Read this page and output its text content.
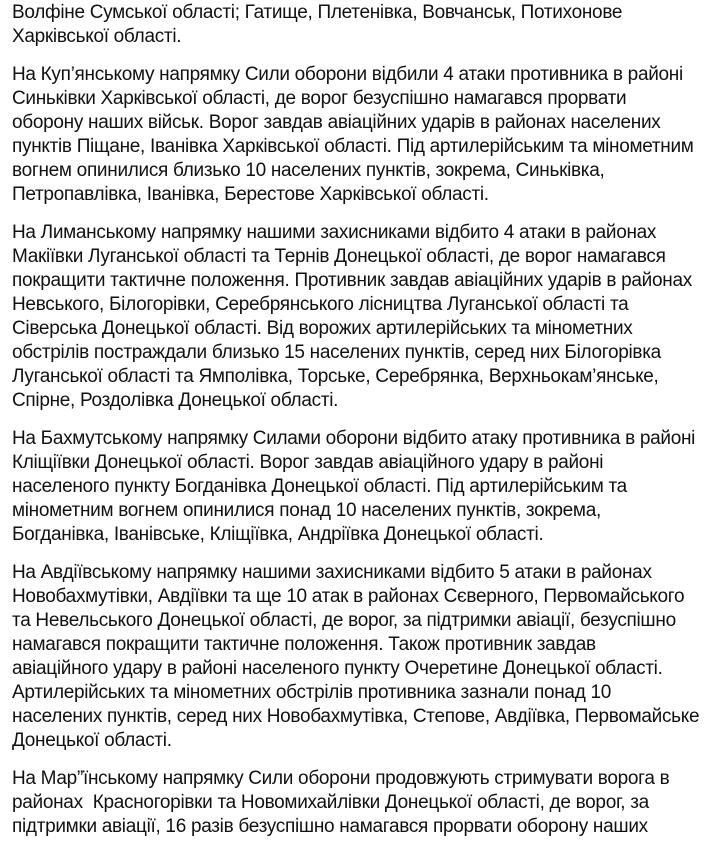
Волфіне Сумської області; Гатище, Плетенівка, Вовчанськ, Потихонове
Харківської області.
На Куп’янському напрямку Сили оборони відбили 4 атаки противника в районі
Синьківки Харківської області, де ворог безуспішно намагався прорвати
оборону наших військ. Ворог завдав авіаційних ударів в районах населених
пунктів Піщане, Іванівка Харківської області. Під артилерійським та мінометним
вогнем опинилися близько 10 населених пунктів, зокрема, Синьківка,
Петропавлівка, Іванівка, Берестове Харківської області.
На Лиманському напрямку нашими захисниками відбито 4 атаки в районах
Макіївки Луганської області та Тернів Донецької області, де ворог намагався
покращити тактичне положення. Противник завдав авіаційних ударів в районах
Невського, Білогорівки, Серебрянського лісництва Луганської області та
Сіверська Донецької області. Від ворожих артилерійських та мінометних
обстрілів постраждали близько 15 населених пунктів, серед них Білогорівка
Луганської області та Ямполівка, Торське, Серебрянка, Верхньокам’янське,
Спірне, Роздолівка Донецької області.
На Бахмутському напрямку Силами оборони відбито атаку противника в районі
Кліщіївки Донецької області. Ворог завдав авіаційного удару в районі
населеного пункту Богданівка Донецької області. Під артилерійським та
мінометним вогнем опинилися понад 10 населених пунктів, зокрема,
Богданівка, Іванівське, Кліщіївка, Андріївка Донецької області.
На Авдіївському напрямку нашими захисниками відбито 5 атаки в районах
Новобахмутівки, Авдіївки та ще 10 атак в районах Сєверного, Первомайського
та Невельського Донецької області, де ворог, за підтримки авіації, безуспішно
намагався покращити тактичне положення. Також противник завдав
авіаційного удару в районі населеного пункту Очеретине Донецької області.
Артилерійських та мінометних обстрілів противника зазнали понад 10
населених пунктів, серед них Новобахмутівка, Степове, Авдіївка, Первомайське
Донецької області.
На Мар”їнському напрямку Сили оборони продовжують стримувати ворога в
районах  Красногорівки та Новомихайлівки Донецької області, де ворог, за
підтримки авіації, 16 разів безуспішно намагався прорвати оборону наших
